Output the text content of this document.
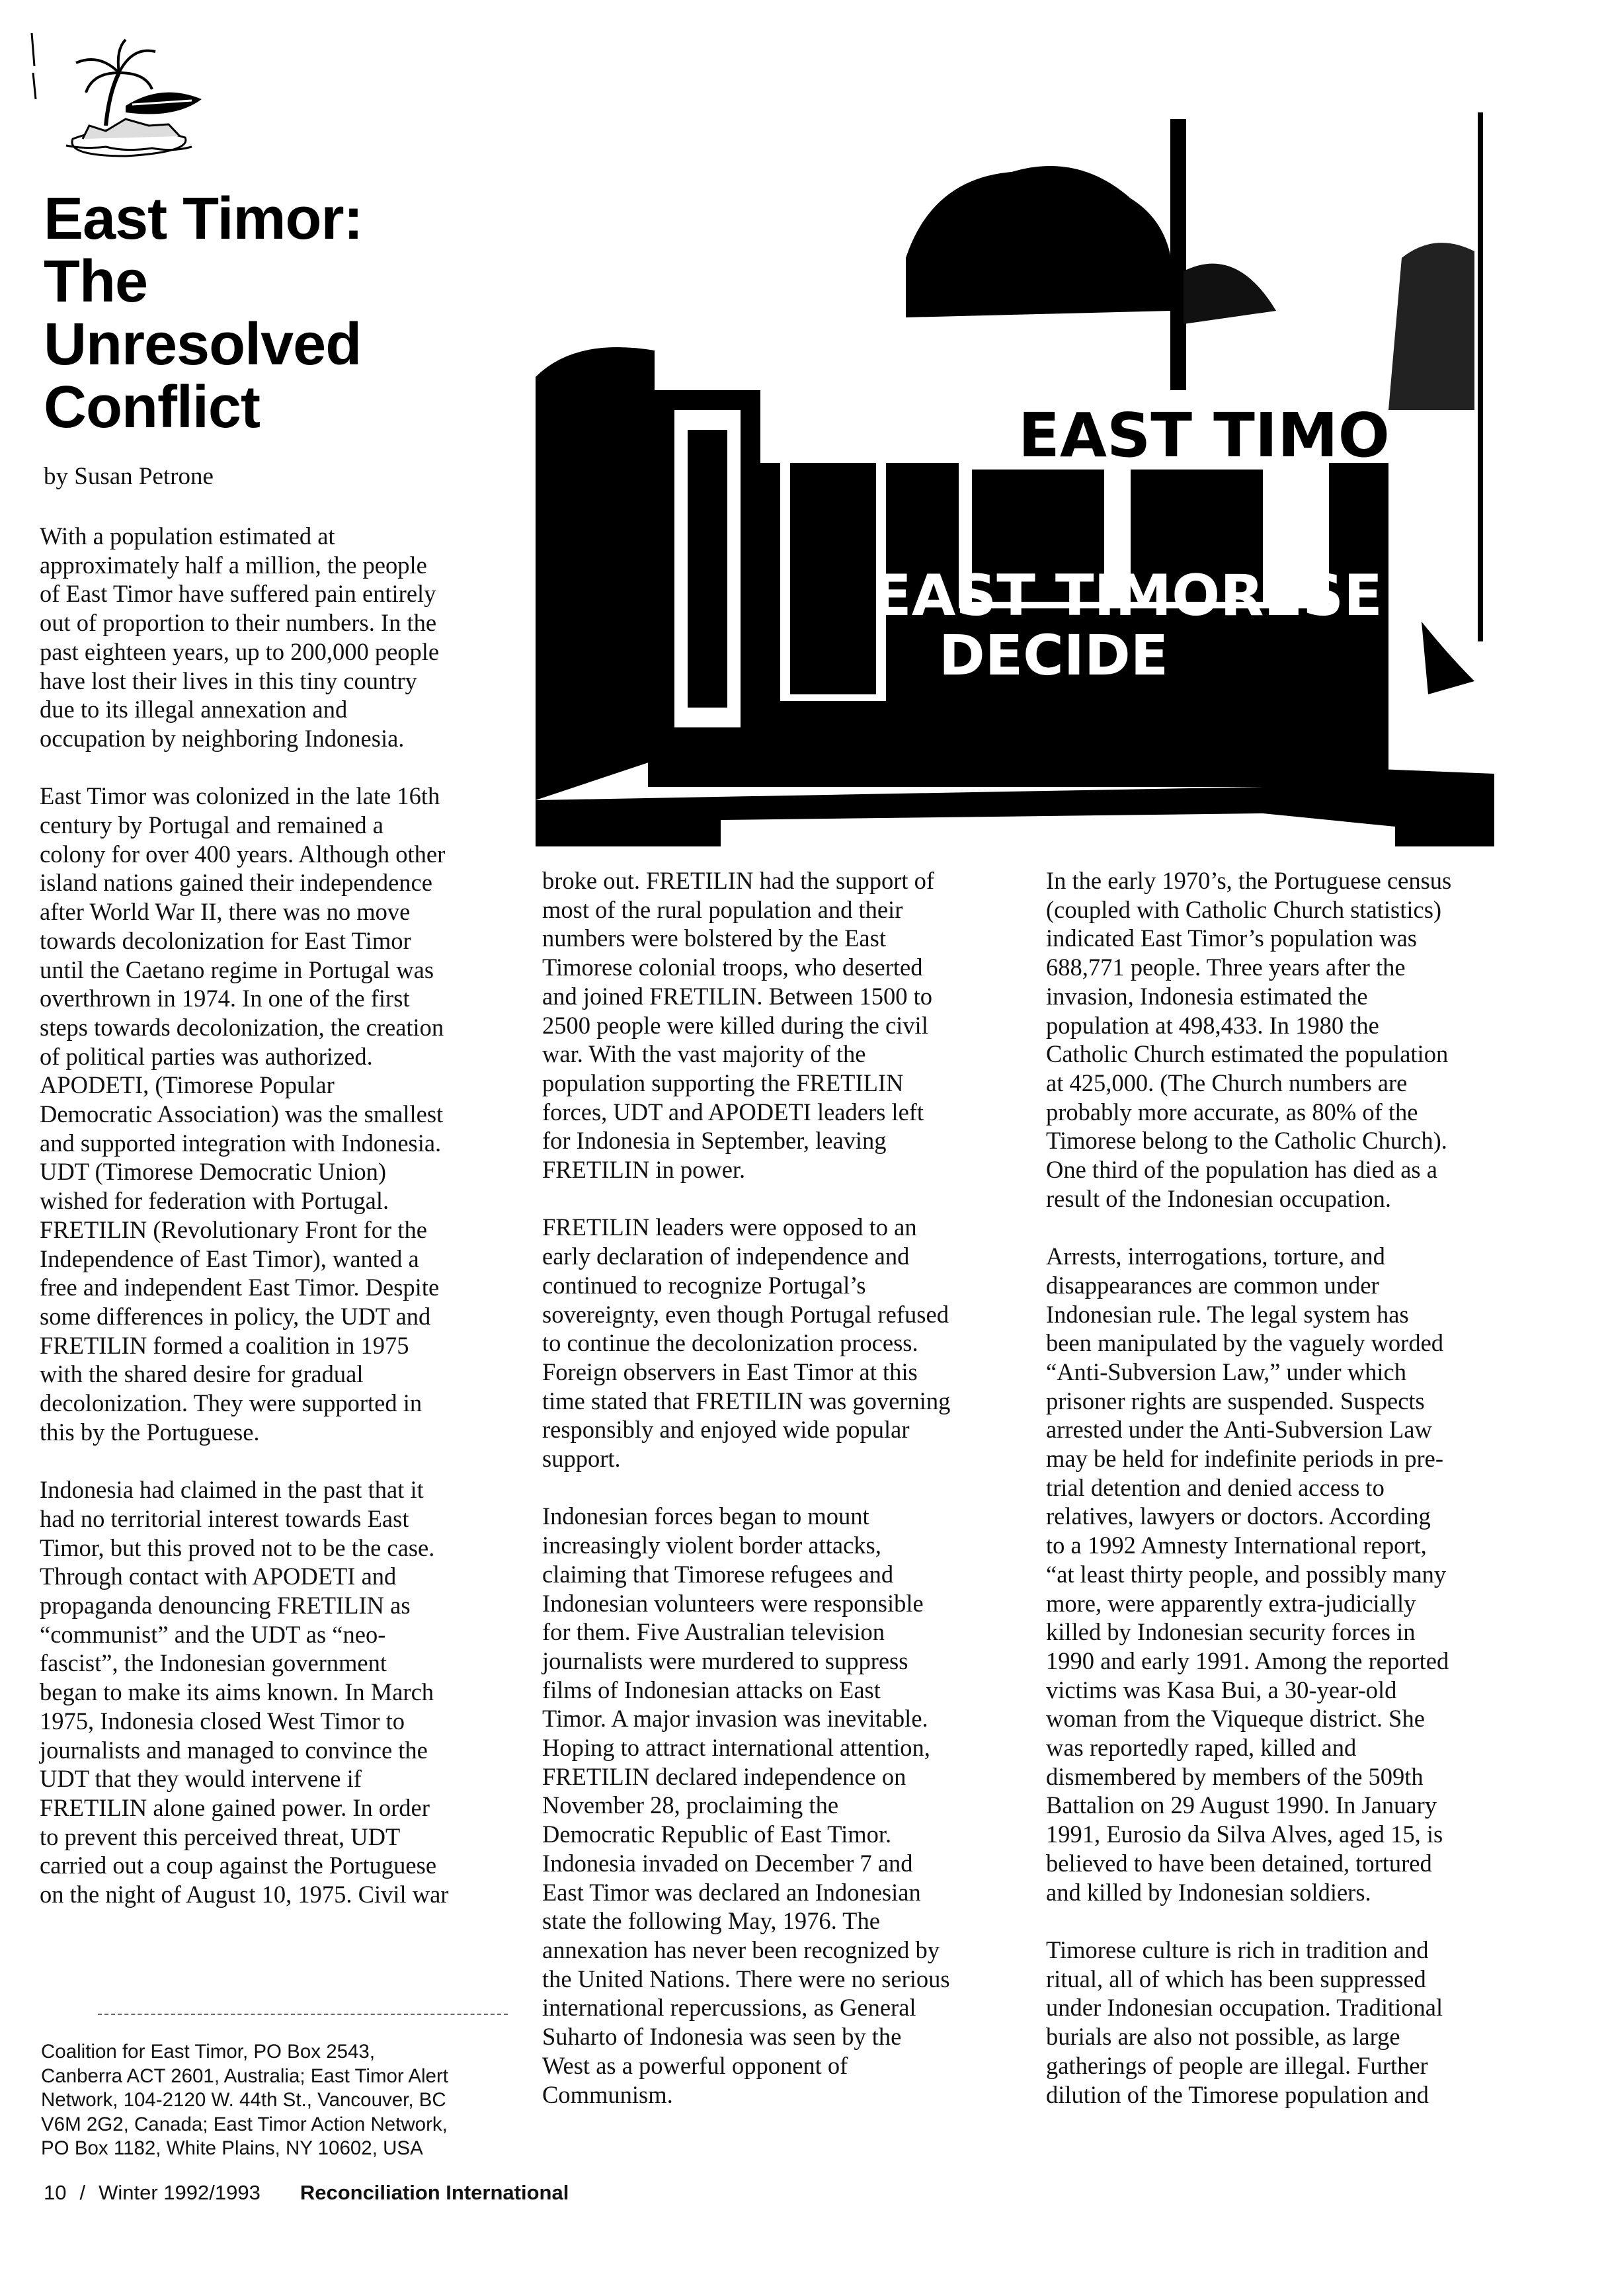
East Timor:
The
Unresolved
Conflict
by Susan Petrone
EAST TIMO
EAST TIMORESE
DECIDE

With a population estimated at
approximately half a million, the people
of East Timor have suffered pain entirely
out of proportion to their numbers. In the
past eighteen years, up to 200,000 people
have lost their lives in this tiny country
due to its illegal annexation and
occupation by neighboring Indonesia.

East Timor was colonized in the late 16th
century by Portugal and remained a
colony for over 400 years. Although other
island nations gained their independence
after World War II, there was no move
towards decolonization for East Timor
until the Caetano regime in Portugal was
overthrown in 1974. In one of the first
steps towards decolonization, the creation
of political parties was authorized.
APODETI, (Timorese Popular
Democratic Association) was the smallest
and supported integration with Indonesia.
UDT (Timorese Democratic Union)
wished for federation with Portugal.
FRETILIN (Revolutionary Front for the
Independence of East Timor), wanted a
free and independent East Timor. Despite
some differences in policy, the UDT and
FRETILIN formed a coalition in 1975
with the shared desire for gradual
decolonization. They were supported in
this by the Portuguese.

Indonesia had claimed in the past that it
had no territorial interest towards East
Timor, but this proved not to be the case.
Through contact with APODETI and
propaganda denouncing FRETILIN as
“communist” and the UDT as “neo-
fascist”, the Indonesian government
began to make its aims known. In March
1975, Indonesia closed West Timor to
journalists and managed to convince the
UDT that they would intervene if
FRETILIN alone gained power. In order
to prevent this perceived threat, UDT
carried out a coup against the Portuguese
on the night of August 10, 1975. Civil war

broke out. FRETILIN had the support of
most of the rural population and their
numbers were bolstered by the East
Timorese colonial troops, who deserted
and joined FRETILIN. Between 1500 to
2500 people were killed during the civil
war. With the vast majority of the
population supporting the FRETILIN
forces, UDT and APODETI leaders left
for Indonesia in September, leaving
FRETILIN in power.

FRETILIN leaders were opposed to an
early declaration of independence and
continued to recognize Portugal’s
sovereignty, even though Portugal refused
to continue the decolonization process.
Foreign observers in East Timor at this
time stated that FRETILIN was governing
responsibly and enjoyed wide popular
support.

Indonesian forces began to mount
increasingly violent border attacks,
claiming that Timorese refugees and
Indonesian volunteers were responsible
for them. Five Australian television
journalists were murdered to suppress
films of Indonesian attacks on East
Timor. A major invasion was inevitable.
Hoping to attract international attention,
FRETILIN declared independence on
November 28, proclaiming the
Democratic Republic of East Timor.
Indonesia invaded on December 7 and
East Timor was declared an Indonesian
state the following May, 1976. The
annexation has never been recognized by
the United Nations. There were no serious
international repercussions, as General
Suharto of Indonesia was seen by the
West as a powerful opponent of
Communism.

In the early 1970’s, the Portuguese census
(coupled with Catholic Church statistics)
indicated East Timor’s population was
688,771 people. Three years after the
invasion, Indonesia estimated the
population at 498,433. In 1980 the
Catholic Church estimated the population
at 425,000. (The Church numbers are
probably more accurate, as 80% of the
Timorese belong to the Catholic Church).
One third of the population has died as a
result of the Indonesian occupation.

Arrests, interrogations, torture, and
disappearances are common under
Indonesian rule. The legal system has
been manipulated by the vaguely worded
“Anti-Subversion Law,” under which
prisoner rights are suspended. Suspects
arrested under the Anti-Subversion Law
may be held for indefinite periods in pre-
trial detention and denied access to
relatives, lawyers or doctors. According
to a 1992 Amnesty International report,
“at least thirty people, and possibly many
more, were apparently extra-judicially
killed by Indonesian security forces in
1990 and early 1991. Among the reported
victims was Kasa Bui, a 30-year-old
woman from the Viqueque district. She
was reportedly raped, killed and
dismembered by members of the 509th
Battalion on 29 August 1990. In January
1991, Eurosio da Silva Alves, aged 15, is
believed to have been detained, tortured
and killed by Indonesian soldiers.

Timorese culture is rich in tradition and
ritual, all of which has been suppressed
under Indonesian occupation. Traditional
burials are also not possible, as large
gatherings of people are illegal. Further
dilution of the Timorese population and

Coalition for East Timor, PO Box 2543,
Canberra ACT 2601, Australia; East Timor Alert
Network, 104-2120 W. 44th St., Vancouver, BC
V6M 2G2, Canada; East Timor Action Network,
PO Box 1182, White Plains, NY 10602, USA
10 / Winter 1992/1993 Reconciliation International
